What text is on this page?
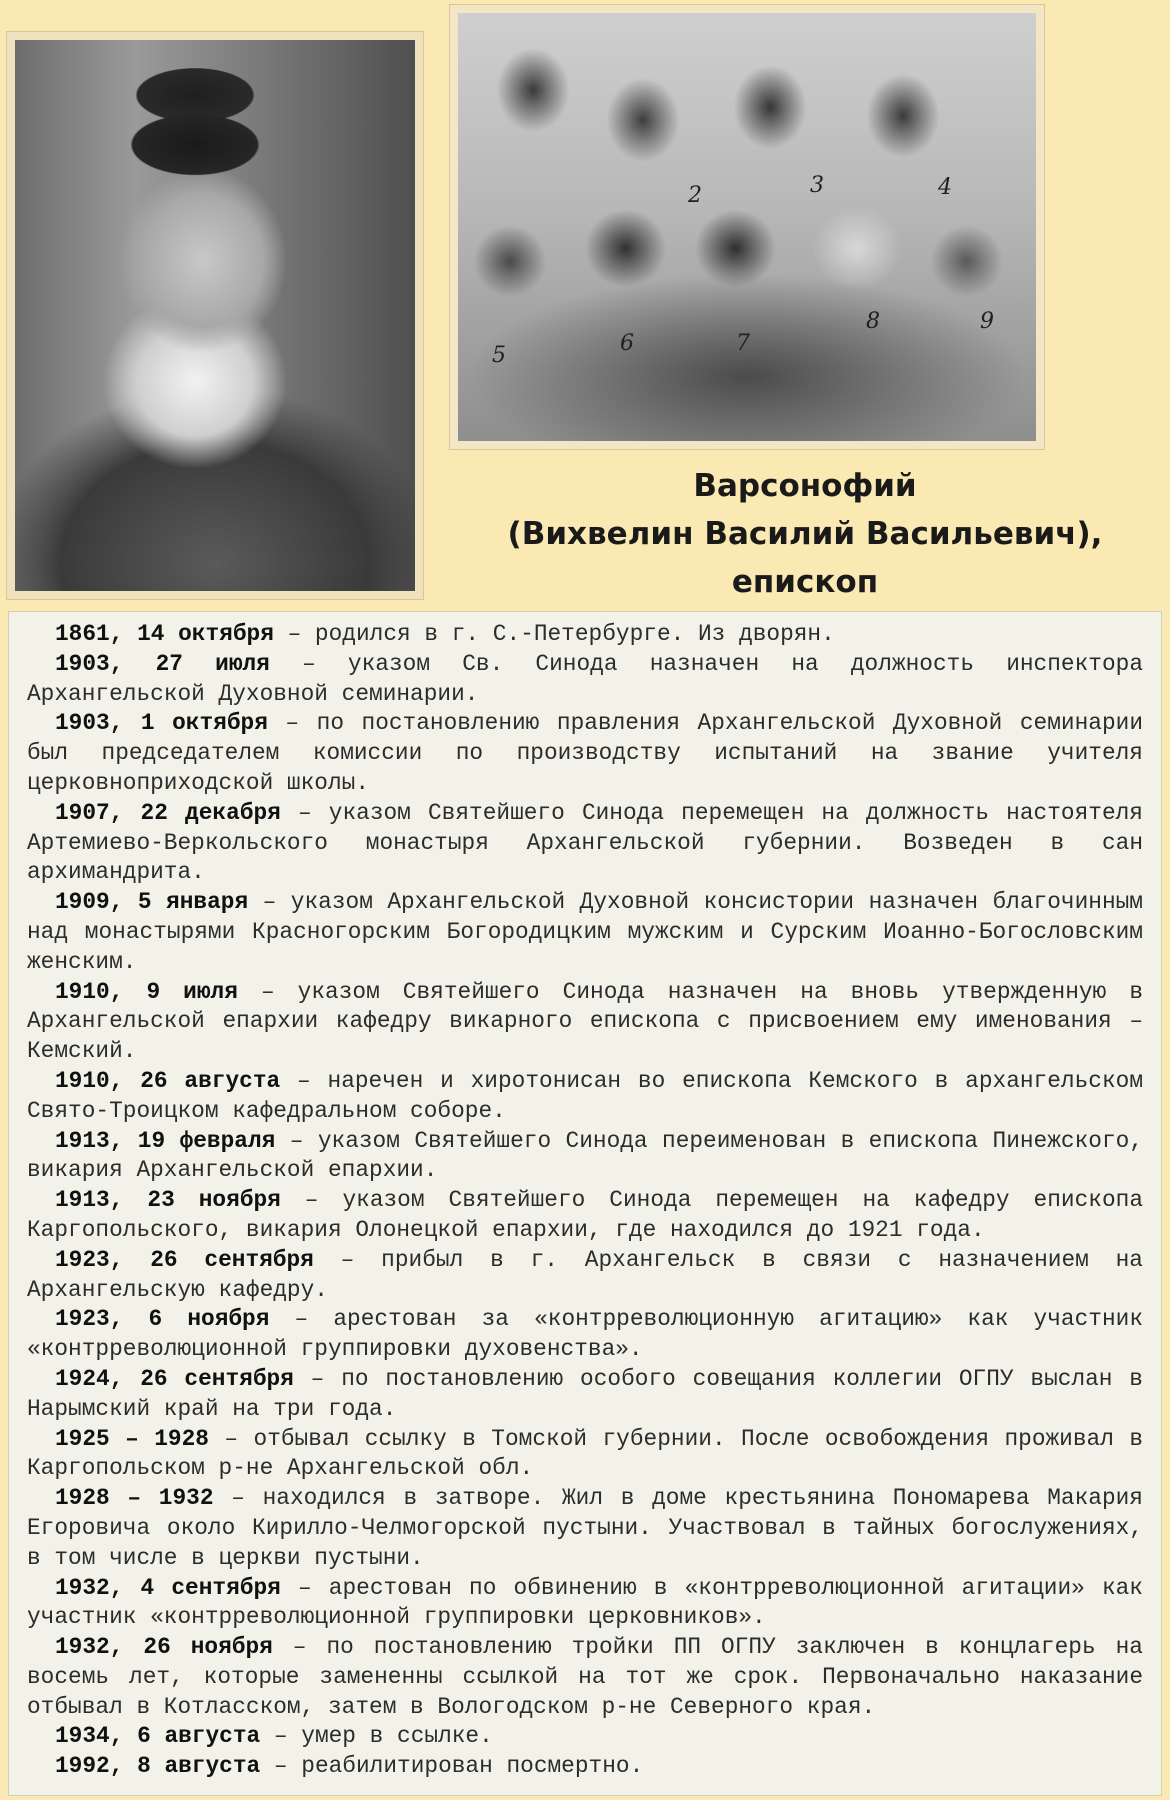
2	3	4
5	6	7
8	9
Варсонофий
(Вихвелин Василий Васильевич),
епископ

1861, 14 октября – родился в г. С.-Петербурге. Из дворян.

1903, 27 июля – указом Св. Синода назначен на должность инспектора Архангельской Духовной семинарии.

1903, 1 октября – по постановлению правления Архангельской Духовной семинарии был председателем комиссии по производству испытаний на звание учителя церковноприходской школы.

1907, 22 декабря – указом Святейшего Синода перемещен на должность настоятеля Артемиево-Веркольского монастыря Архангельской губернии. Возведен в сан архимандрита.

1909, 5 января – указом Архангельской Духовной консистории назначен благочинным над монастырями Красногорским Богородицким мужским и Сурским Иоанно-Богословским женским.

1910, 9 июля – указом Святейшего Синода назначен на вновь утвержденную в Архангельской епархии кафедру викарного епископа с присвоением ему именования – Кемский.

1910, 26 августа – наречен и хиротонисан во епископа Кемского в архангельском Свято-Троицком кафедральном соборе.

1913, 19 февраля – указом Святейшего Синода переименован в епископа Пинежского, викария Архангельской епархии.

1913, 23 ноября – указом Святейшего Синода перемещен на кафедру епископа Каргопольского, викария Олонецкой епархии, где находился до 1921 года.

1923, 26 сентября – прибыл в г. Архангельск в связи с назначением на Архангельскую кафедру.

1923, 6 ноября – арестован за «контрреволюционную агитацию» как участник «контрреволюционной группировки духовенства».

1924, 26 сентября – по постановлению особого совещания коллегии ОГПУ выслан в Нарымский край на три года.

1925 – 1928 – отбывал ссылку в Томской губернии. После освобождения проживал в Каргопольском р-не Архангельской обл.

1928 – 1932 – находился в затворе. Жил в доме крестьянина Пономарева Макария Егоровича около Кирилло-Челмогорской пустыни. Участвовал в тайных богослужениях, в том числе в церкви пустыни.

1932, 4 сентября – арестован по обвинению в «контрреволюционной агитации» как участник «контрреволюционной группировки церковников».

1932, 26 ноября – по постановлению тройки ПП ОГПУ заключен в концлагерь на восемь лет, которые замененны ссылкой на тот же срок. Первоначально наказание отбывал в Котласском, затем в Вологодском р-не Северного края.

1934, 6 августа – умер в ссылке.

1992, 8 августа – реабилитирован посмертно.
